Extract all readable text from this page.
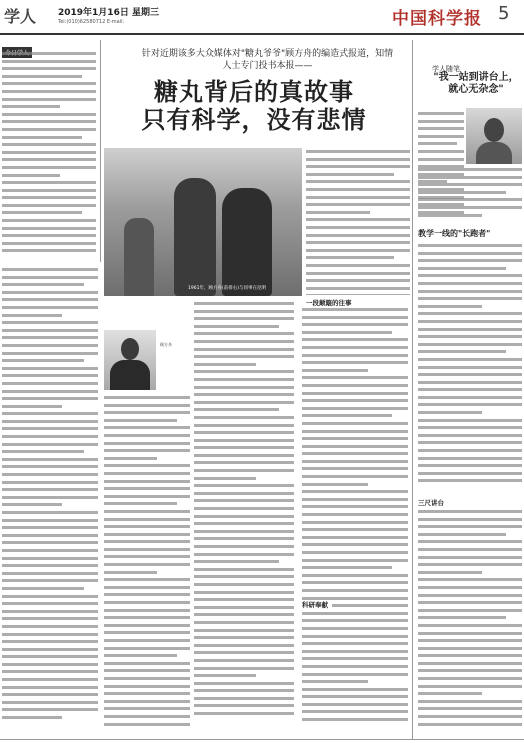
学人 2019年1月16日 星期三
Tel:(010)62580712 E-mail:	中国科学报 5
针对近期该多大众媒体对"糖丸爷爷"顾方舟的编造式报道，知情人士专门投书本报——
糖丸背后的真故事
只有科学，没有悲情
1961年，顾方舟(前排右)与同事在昆明
一段颠簸的往事
学人随笔
"我一站到讲台上，就心无杂念"
教学一线的"长跑者"
三尺讲台
顾方舟
科研奉献
